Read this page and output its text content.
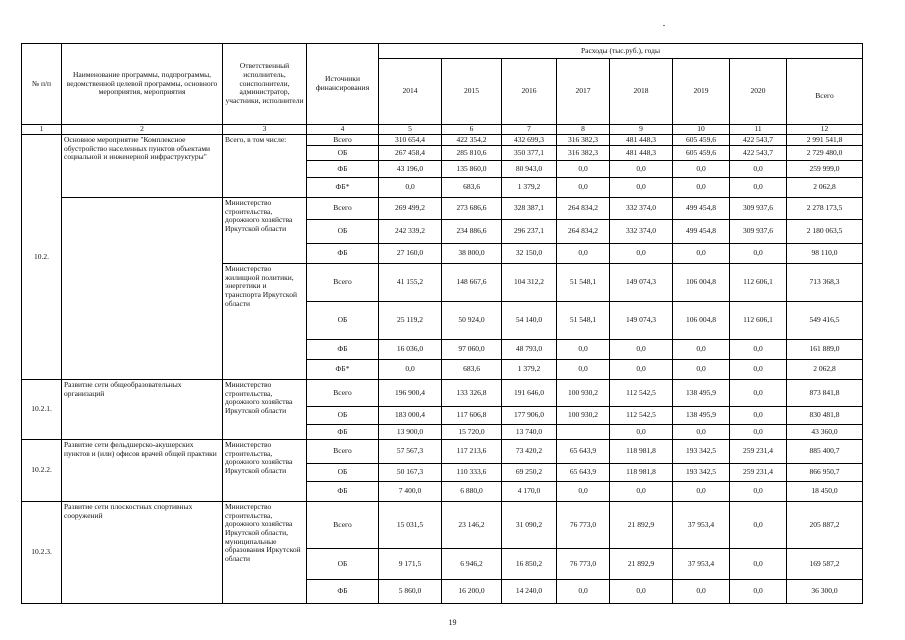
№ п/п	Наименование программы, подпрограммы, ведомственной целевой программы, основного мероприятия, мероприятия	Ответственный исполнитель, соисполнители, администратор, участники, исполнители	Источники финансирования	Расходы (тыс.руб.), годы							
				2014	2015	2016	2017	2018	2019	2020	Всего
1	2	3	4	5	6	7	8	9	10	11	12
10.2.	Основное мероприятие "Комплексное обустройство населенных пунктов объектами социальной и инженерной инфраструктуры"	Всего, в том числе:	Всего	310 654,4	422 354,2	432 699,3	316 382,3	481 448,3	605 459,6	422 543,7	2 991 541,8
			ОБ	267 458,4	285 810,6	350 377,1	316 382,3	481 448,3	605 459,6	422 543,7	2 729 480,0
			ФБ	43 196,0	135 860,0	80 943,0	0,0	0,0	0,0	0,0	259 999,0
			ФБ*	0,0	683,6	1 379,2	0,0	0,0	0,0	0,0	2 062,8
		Министерство строительства, дорожного хозяйства Иркутской области	Всего	269 499,2	273 686,6	328 387,1	264 834,2	332 374,0	499 454,8	309 937,6	2 278 173,5
			ОБ	242 339,2	234 886,6	296 237,1	264 834,2	332 374,0	499 454,8	309 937,6	2 180 063,5
			ФБ	27 160,0	38 800,0	32 150,0	0,0	0,0	0,0	0,0	98 110,0
		Министерство жилищной политики, энергетики и транспорта Иркутской области	Всего	41 155,2	148 667,6	104 312,2	51 548,1	149 074,3	106 004,8	112 606,1	713 368,3
			ОБ	25 119,2	50 924,0	54 140,0	51 548,1	149 074,3	106 004,8	112 606,1	549 416,5
			ФБ	16 036,0	97 060,0	48 793,0	0,0	0,0	0,0	0,0	161 889,0
			ФБ*	0,0	683,6	1 379,2	0,0	0,0	0,0	0,0	2 062,8
10.2.1.	Развитие сети общеобразовательных организаций	Министерство строительства, дорожного хозяйства Иркутской области	Всего	196 900,4	133 326,8	191 646,0	100 930,2	112 542,5	138 495,9	0,0	873 841,8
			ОБ	183 000,4	117 606,8	177 906,0	100 930,2	112 542,5	138 495,9	0,0	830 481,8
			ФБ	13 900,0	15 720,0	13 740,0		0,0	0,0	0,0	43 360,0
10.2.2.	Развитие сети фельдшерско-акушерских пунктов и (или) офисов врачей общей практики	Министерство строительства, дорожного хозяйства Иркутской области	Всего	57 567,3	117 213,6	73 420,2	65 643,9	118 981,8	193 342,5	259 231,4	885 400,7
			ОБ	50 167,3	110 333,6	69 250,2	65 643,9	118 981,8	193 342,5	259 231,4	866 950,7
			ФБ	7 400,0	6 880,0	4 170,0	0,0	0,0	0,0	0,0	18 450,0
10.2.3.	Развитие сети плоскостных спортивных сооружений	Министерство строительства, дорожного хозяйства Иркутской области, муниципальные образования Иркутской области	Всего	15 031,5	23 146,2	31 090,2	76 773,0	21 892,9	37 953,4	0,0	205 887,2
			ОБ	9 171,5	6 946,2	16 850,2	76 773,0	21 892,9	37 953,4	0,0	169 587,2
			ФБ	5 860,0	16 200,0	14 240,0	0,0	0,0	0,0	0,0	36 300,0
19
